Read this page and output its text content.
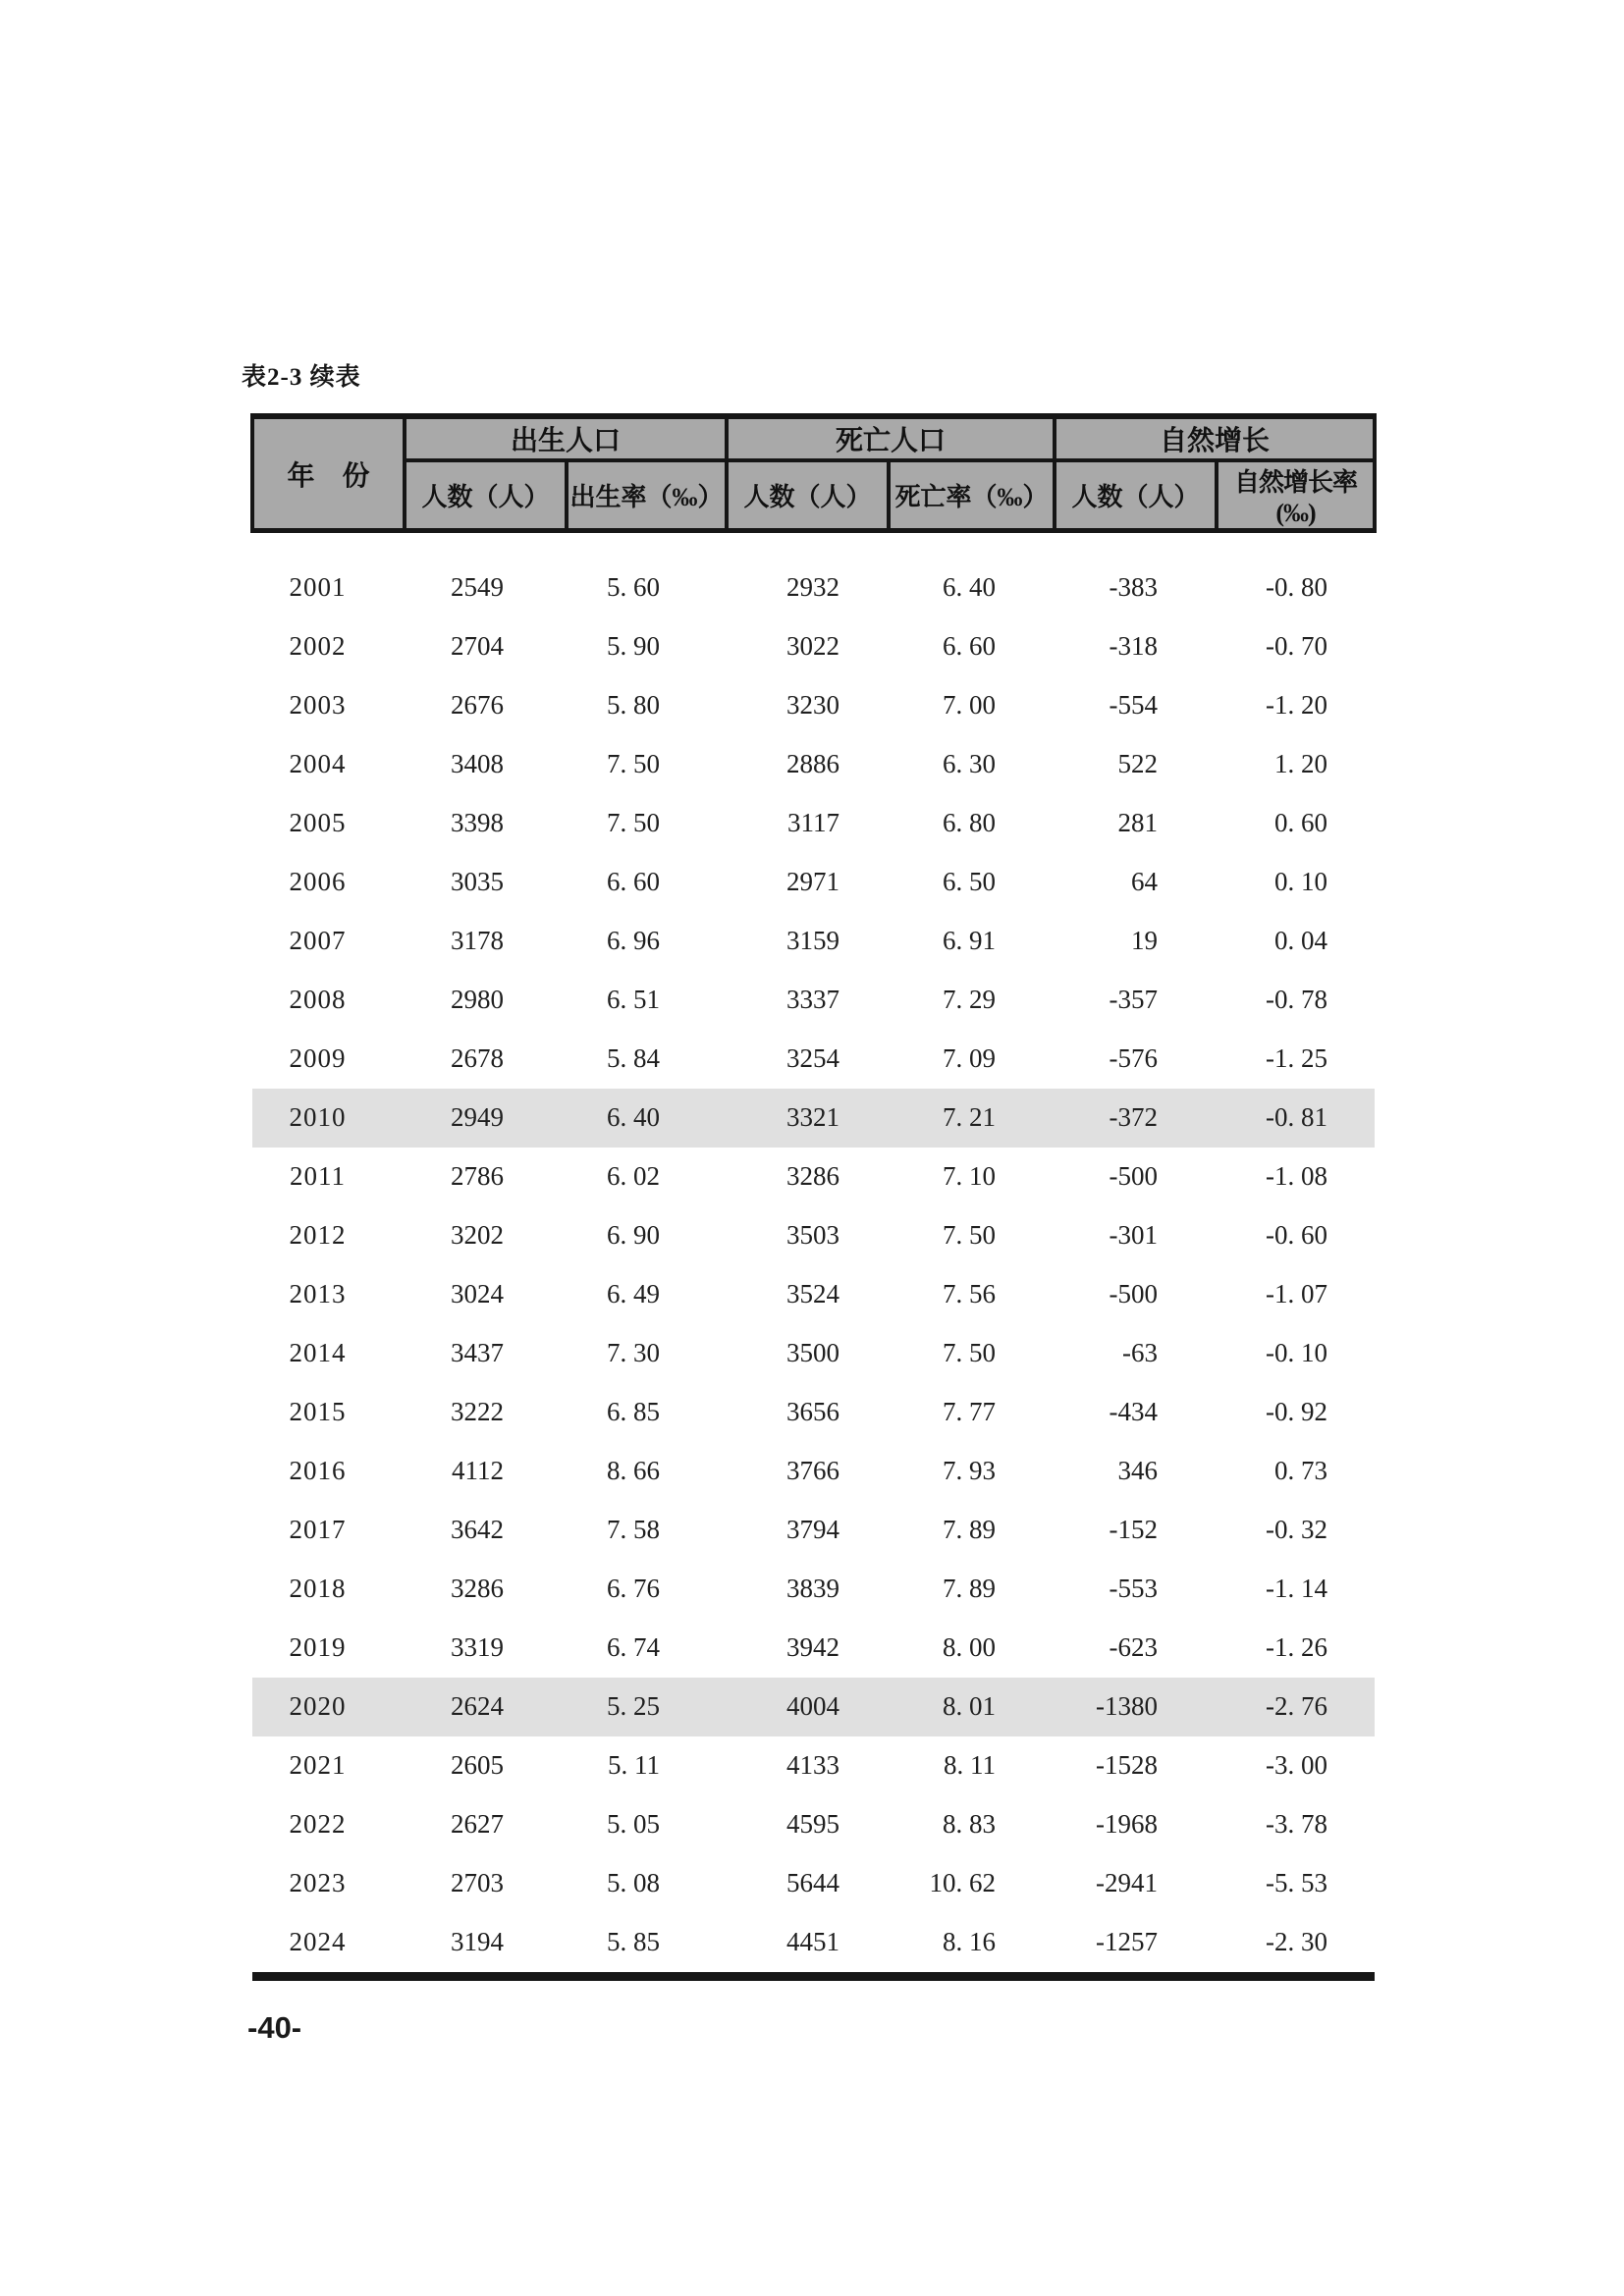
表2-3 续表
年　份	出生人口		死亡人口		自然增长	
	人数（人）	出生率（‰）	人数（人）	死亡率（‰）	人数（人）	自然增长率(‰)

2001	2549	5. 60	2932	6. 40	-383	-0. 80
2002	2704	5. 90	3022	6. 60	-318	-0. 70
2003	2676	5. 80	3230	7. 00	-554	-1. 20
2004	3408	7. 50	2886	6. 30	522	1. 20
2005	3398	7. 50	3117	6. 80	281	0. 60
2006	3035	6. 60	2971	6. 50	64	0. 10
2007	3178	6. 96	3159	6. 91	19	0. 04
2008	2980	6. 51	3337	7. 29	-357	-0. 78
2009	2678	5. 84	3254	7. 09	-576	-1. 25
2010	2949	6. 40	3321	7. 21	-372	-0. 81
2011	2786	6. 02	3286	7. 10	-500	-1. 08
2012	3202	6. 90	3503	7. 50	-301	-0. 60
2013	3024	6. 49	3524	7. 56	-500	-1. 07
2014	3437	7. 30	3500	7. 50	-63	-0. 10
2015	3222	6. 85	3656	7. 77	-434	-0. 92
2016	4112	8. 66	3766	7. 93	346	0. 73
2017	3642	7. 58	3794	7. 89	-152	-0. 32
2018	3286	6. 76	3839	7. 89	-553	-1. 14
2019	3319	6. 74	3942	8. 00	-623	-1. 26
2020	2624	5. 25	4004	8. 01	-1380	-2. 76
2021	2605	5. 11	4133	8. 11	-1528	-3. 00
2022	2627	5. 05	4595	8. 83	-1968	-3. 78
2023	2703	5. 08	5644	10. 62	-2941	-5. 53
2024	3194	5. 85	4451	8. 16	-1257	-2. 30

-40-
